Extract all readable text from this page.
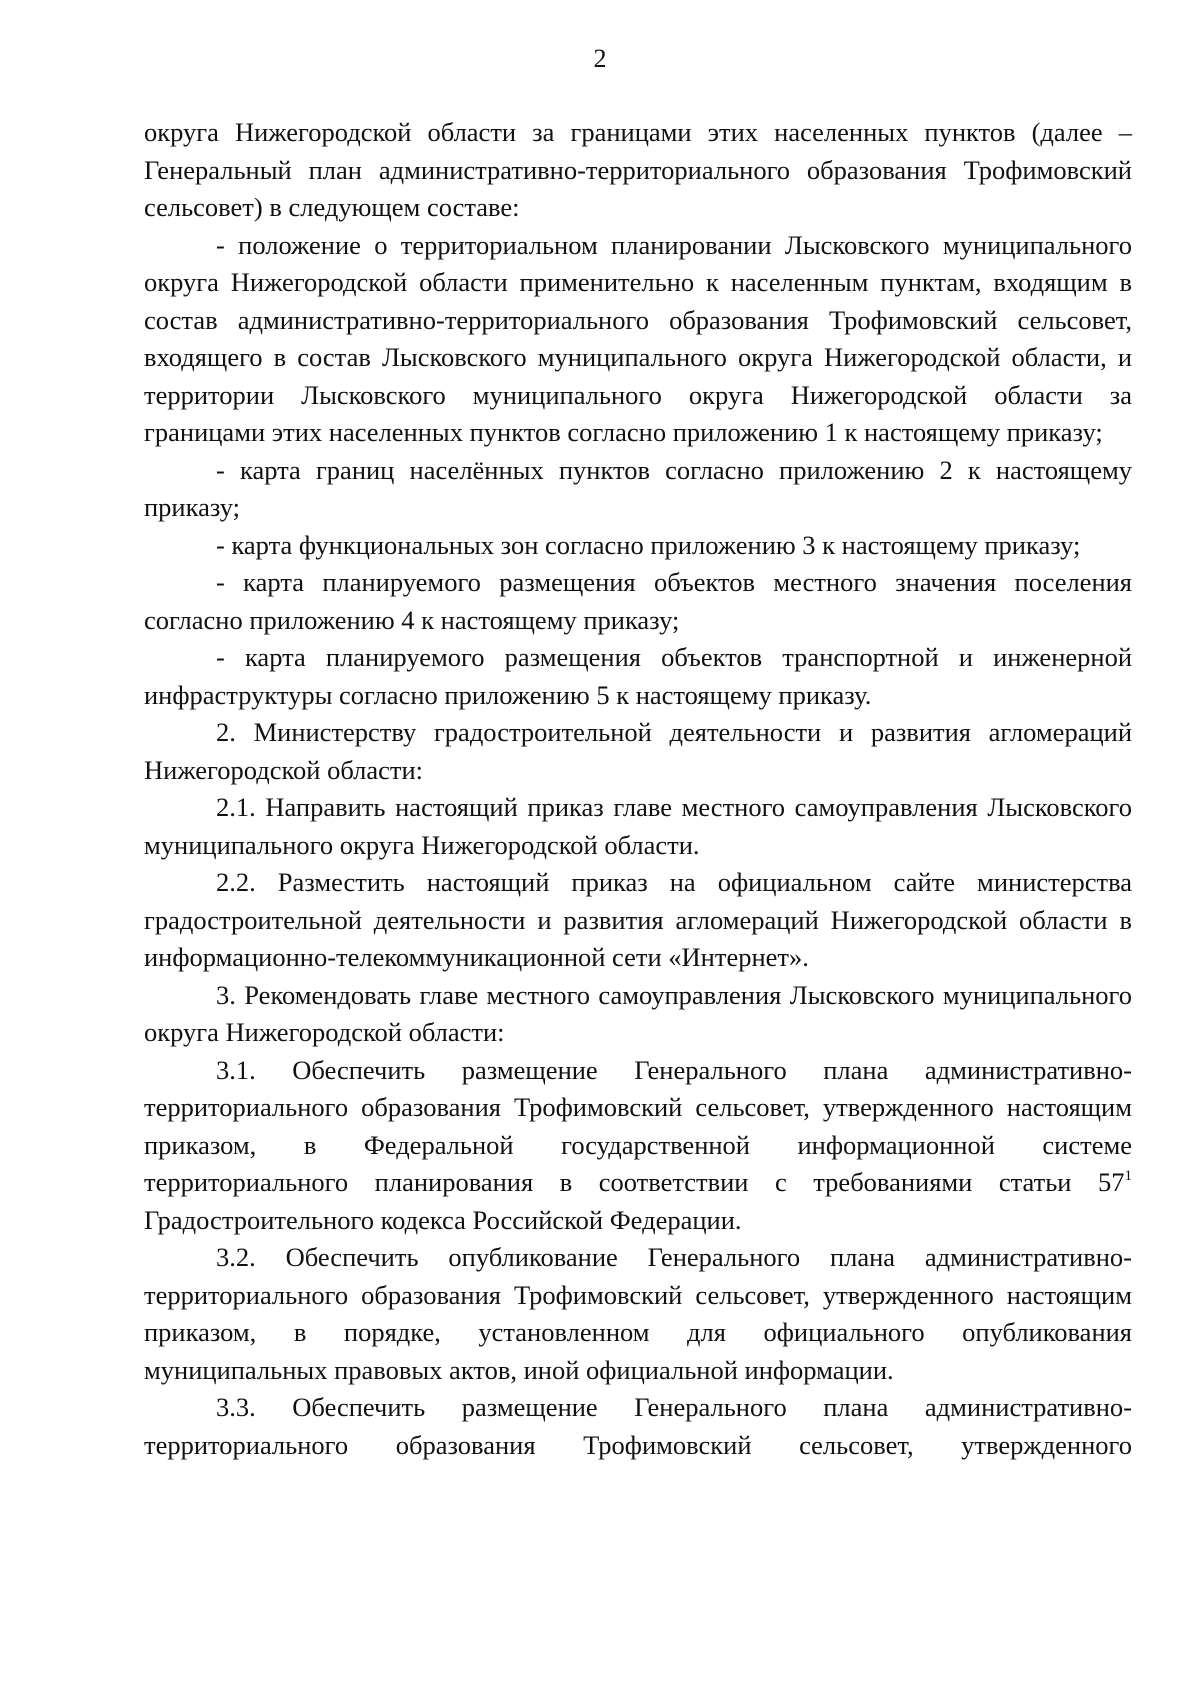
2

округа Нижегородской области за границами этих населенных пунктов (далее – Генеральный план административно-территориального образования Трофимовский сельсовет) в следующем составе:

- положение о территориальном планировании Лысковского муниципального округа Нижегородской области применительно к населенным пунктам, входящим в состав административно-территориального образования Трофимовский сельсовет, входящего в состав Лысковского муниципального округа Нижегородской области, и территории Лысковского муниципального округа Нижегородской области за границами этих населенных пунктов согласно приложению 1 к настоящему приказу;

- карта границ населённых пунктов согласно приложению 2 к настоящему приказу;

- карта функциональных зон согласно приложению 3 к настоящему приказу;

- карта планируемого размещения объектов местного значения поселения согласно приложению 4 к настоящему приказу;

- карта планируемого размещения объектов транспортной и инженерной инфраструктуры согласно приложению 5 к настоящему приказу.

2. Министерству градостроительной деятельности и развития агломераций Нижегородской области:

2.1. Направить настоящий приказ главе местного самоуправления Лысковского муниципального округа Нижегородской области.

2.2. Разместить настоящий приказ на официальном сайте министерства градостроительной деятельности и развития агломераций Нижегородской области в информационно-телекоммуникационной сети «Интернет».

3. Рекомендовать главе местного самоуправления Лысковского муниципального округа Нижегородской области:

3.1. Обеспечить размещение Генерального плана административно-территориального образования Трофимовский сельсовет, утвержденного настоящим приказом, в Федеральной государственной информационной системе территориального планирования в соответствии с требованиями статьи $57^1$ Градостроительного кодекса Российской Федерации.

3.2. Обеспечить опубликование Генерального плана административно-территориального образования Трофимовский сельсовет, утвержденного настоящим приказом, в порядке, установленном для официального опубликования муниципальных правовых актов, иной официальной информации.

3.3. Обеспечить размещение Генерального плана административно-территориального образования Трофимовский сельсовет, утвержденного
